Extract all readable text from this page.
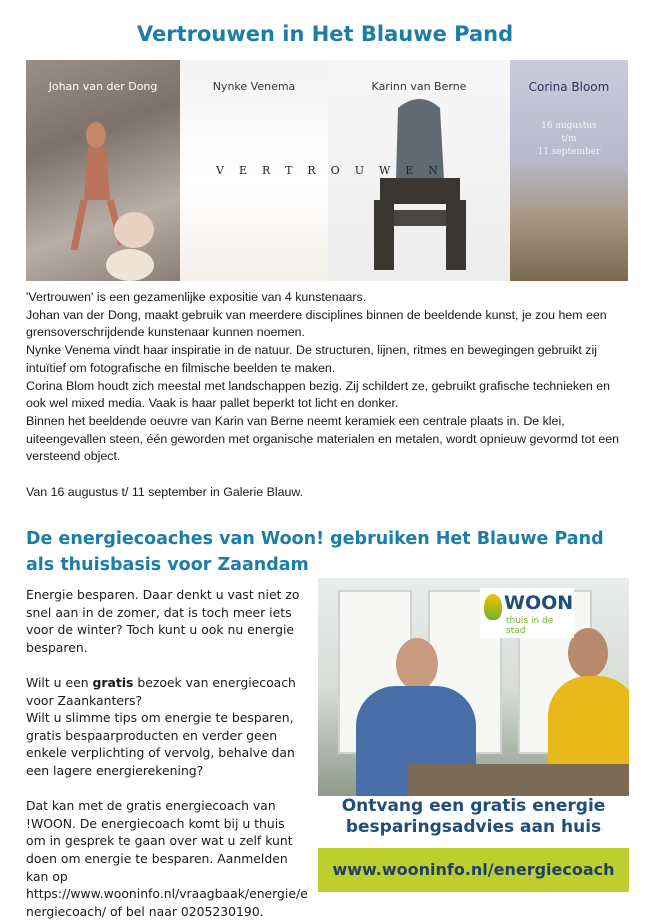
Vertrouwen in Het Blauwe Pand
Johan van der Dong	Nynke Venema	Karinn van Berne	Corina Bloom
VERTROUWEN
16 augustus
t/m
11 september

'Vertrouwen' is een gezamenlijke expositie van 4 kunstenaars.

Johan van der Dong, maakt gebruik van meerdere disciplines binnen de beeldende kunst, je zou hem een grensoverschrijdende kunstenaar kunnen noemen.

Nynke Venema vindt haar inspiratie in de natuur. De structuren, lijnen, ritmes en bewegingen gebruikt zij intuïtief om fotografische en filmische beelden te maken.

Corina Blom houdt zich meestal met landschappen bezig. Zij schildert ze, gebruikt grafische technieken en ook wel mixed media. Vaak is haar pallet beperkt tot licht en donker.

Binnen het beeldende oeuvre van Karin van Berne neemt keramiek een centrale plaats in. De klei, uiteengevallen steen, één geworden met organische materialen en metalen, wordt opnieuw gevormd tot een versteend object.

Van 16 augustus t/ 11 september in Galerie Blauw.

De energiecoaches van Woon! gebruiken Het Blauwe Pand als thuisbasis voor Zaandam

Energie besparen. Daar denkt u vast niet zo snel aan in de zomer, dat is toch meer iets voor de winter? Toch kunt u ook nu energie besparen.

Wilt u een gratis bezoek van energiecoach voor Zaankanters?

Wilt u slimme tips om energie te besparen, gratis bespaarproducten en verder geen enkele verplichting of vervolg, behalve dan een lagere energierekening?

Dat kan met de gratis energiecoach van !WOON. De energiecoach komt bij u thuis om in gesprek te gaan over wat u zelf kunt doen om energie te besparen. Aanmelden kan op https://www.wooninfo.nl/vraagbaak/energie/energiecoach/ of bel naar 0205230190.

WOON
thuis in de stad
Ontvang een gratis energie
besparingsadvies aan huis
www.wooninfo.nl/energiecoach
